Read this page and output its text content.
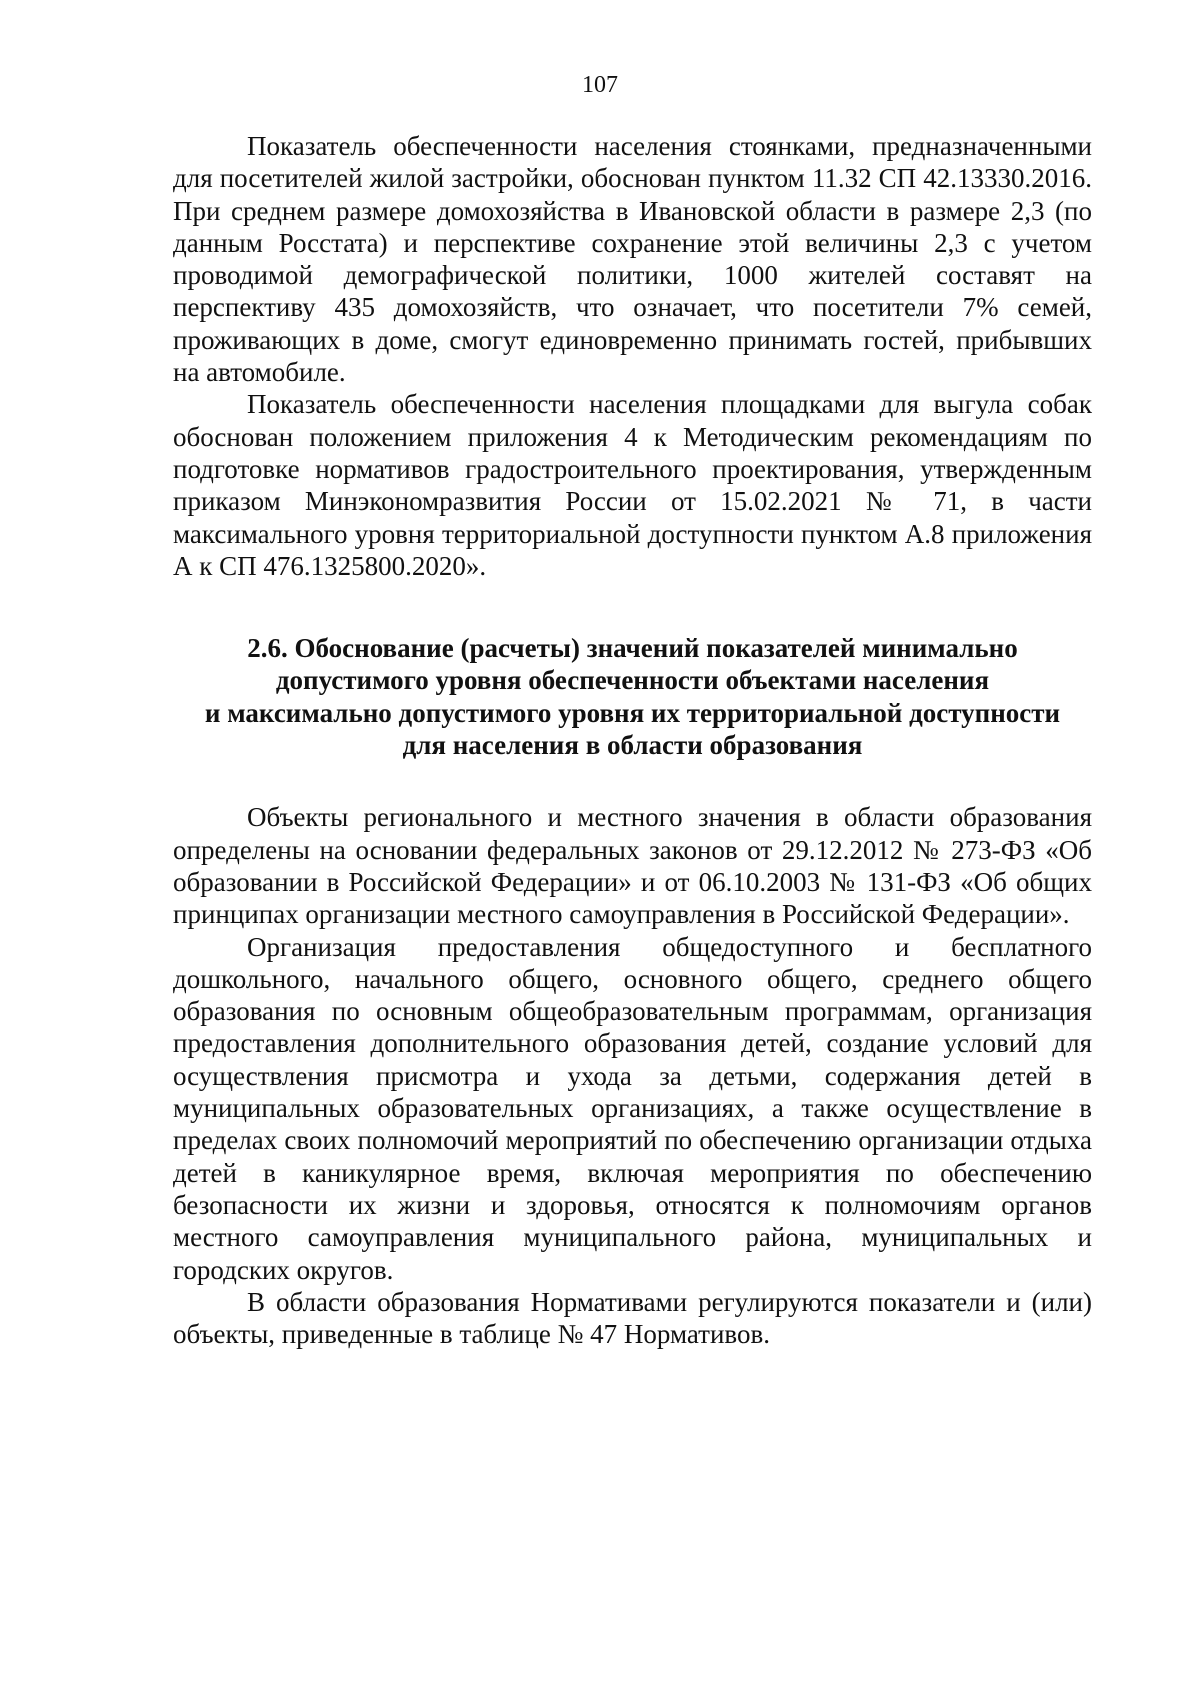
107

Показатель обеспеченности населения стоянками, предназначенными для посетителей жилой застройки, обоснован пунктом 11.32 СП 42.13330.2016. При среднем размере домохозяйства в Ивановской области в размере 2,3 (по данным Росстата) и перспективе сохранение этой величины 2,3 с учетом проводимой демографической политики, 1000 жителей составят на перспективу 435 домохозяйств, что означает, что посетители 7% семей, проживающих в доме, смогут единовременно принимать гостей, прибывших на автомобиле.

Показатель обеспеченности населения площадками для выгула собак обоснован положением приложения 4 к Методическим рекомендациям по подготовке нормативов градостроительного проектирования, утвержденным приказом Минэкономразвития России от 15.02.2021 № 71, в части максимального уровня территориальной доступности пунктом А.8 приложения А к СП 476.1325800.2020».

2.6. Обоснование (расчеты) значений показателей минимально
допустимого уровня обеспеченности объектами населения
и максимально допустимого уровня их территориальной доступности
для населения в области образования

Объекты регионального и местного значения в области образования определены на основании федеральных законов от 29.12.2012 № 273-ФЗ «Об образовании в Российской Федерации» и от 06.10.2003 № 131-ФЗ «Об общих принципах организации местного самоуправления в Российской Федерации».

Организация предоставления общедоступного и бесплатного дошкольного, начального общего, основного общего, среднего общего образования по основным общеобразовательным программам, организация предоставления дополнительного образования детей, создание условий для осуществления присмотра и ухода за детьми, содержания детей в муниципальных образовательных организациях, а также осуществление в пределах своих полномочий мероприятий по обеспечению организации отдыха детей в каникулярное время, включая мероприятия по обеспечению безопасности их жизни и здоровья, относятся к полномочиям органов местного самоуправления муниципального района, муниципальных и городских округов.

В области образования Нормативами регулируются показатели и (или) объекты, приведенные в таблице № 47 Нормативов.
